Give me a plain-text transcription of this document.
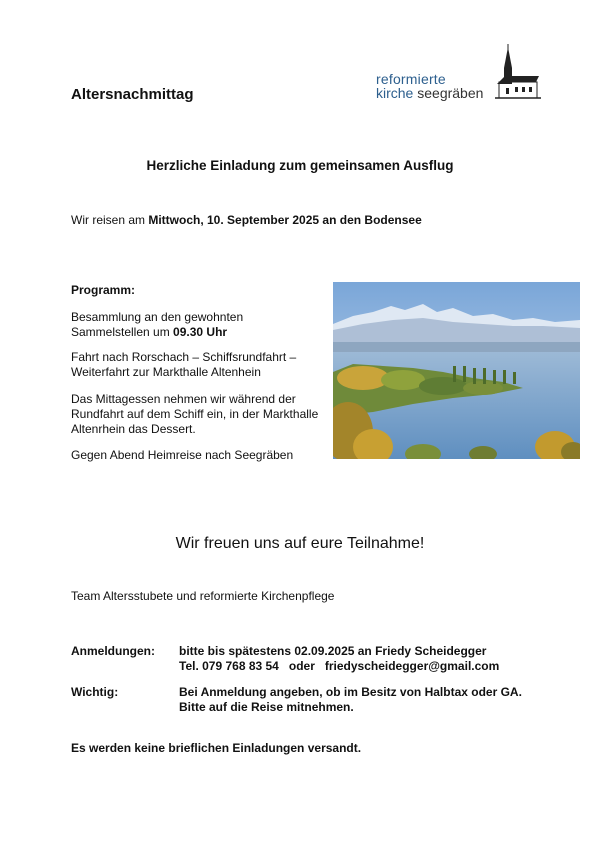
Altersnachmittag
reformierte
kirche seegräben
Herzliche Einladung zum gemeinsamen Ausflug
Wir reisen am Mittwoch, 10. September 2025 an den Bodensee
Programm:
Besammlung an den gewohnten
Sammelstellen um 09.30 Uhr
Fahrt nach Rorschach – Schiffsrundfahrt –
Weiterfahrt zur Markthalle Altenhein
Das Mittagessen nehmen wir während der
Rundfahrt auf dem Schiff ein, in der Markthalle
Altenrhein das Dessert.
Gegen Abend Heimreise nach Seegräben
Wir freuen uns auf eure Teilnahme!
Team Altersstubete und reformierte Kirchenpflege
Anmeldungen: bitte bis spätestens 02.09.2025 an Friedy Scheidegger
Tel. 079 768 83 54   oder   friedyscheidegger@gmail.com
Wichtig:	Bei Anmeldung angeben, ob im Besitz von Halbtax oder GA.
Bitte auf die Reise mitnehmen.
Es werden keine brieflichen Einladungen versandt.
